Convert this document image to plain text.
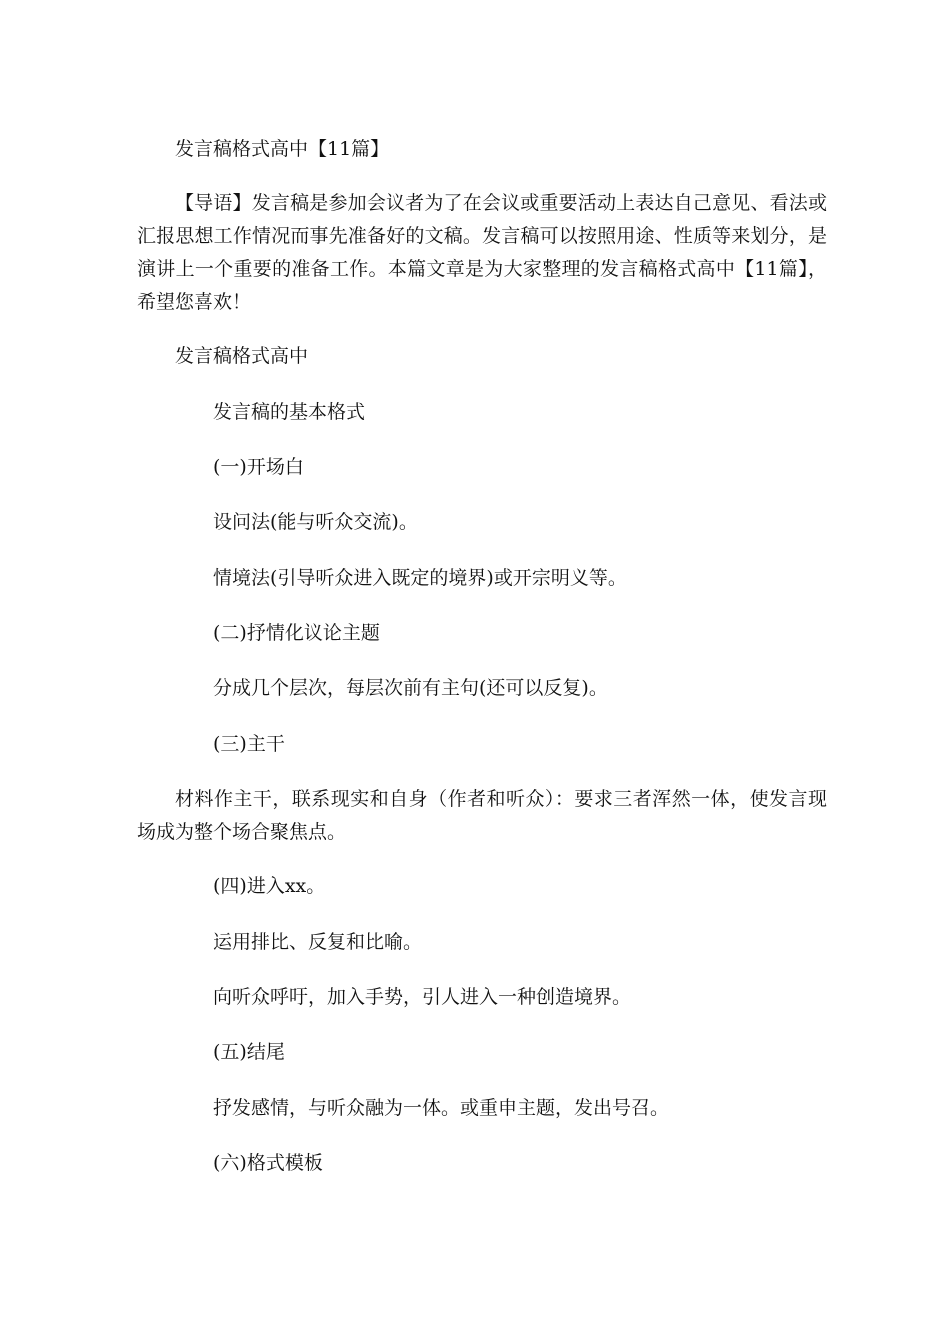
发言稿格式高中【11篇】

【导语】发言稿是参加会议者为了在会议或重要活动上表达自己意见、看法或汇报思想工作情况而事先准备好的文稿。发言稿可以按照用途、性质等来划分，是演讲上一个重要的准备工作。本篇文章是为大家整理的发言稿格式高中【11篇】，希望您喜欢！

发言稿格式高中

发言稿的基本格式

(一)开场白

设问法(能与听众交流)。

情境法(引导听众进入既定的境界)或开宗明义等。

(二)抒情化议论主题

分成几个层次，每层次前有主句(还可以反复)。

(三)主干

材料作主干，联系现实和自身（作者和听众）：要求三者浑然一体，使发言现场成为整个场合聚焦点。

(四)进入xx。

运用排比、反复和比喻。

向听众呼吁，加入手势，引人进入一种创造境界。

(五)结尾

抒发感情，与听众融为一体。或重申主题，发出号召。

(六)格式模板
